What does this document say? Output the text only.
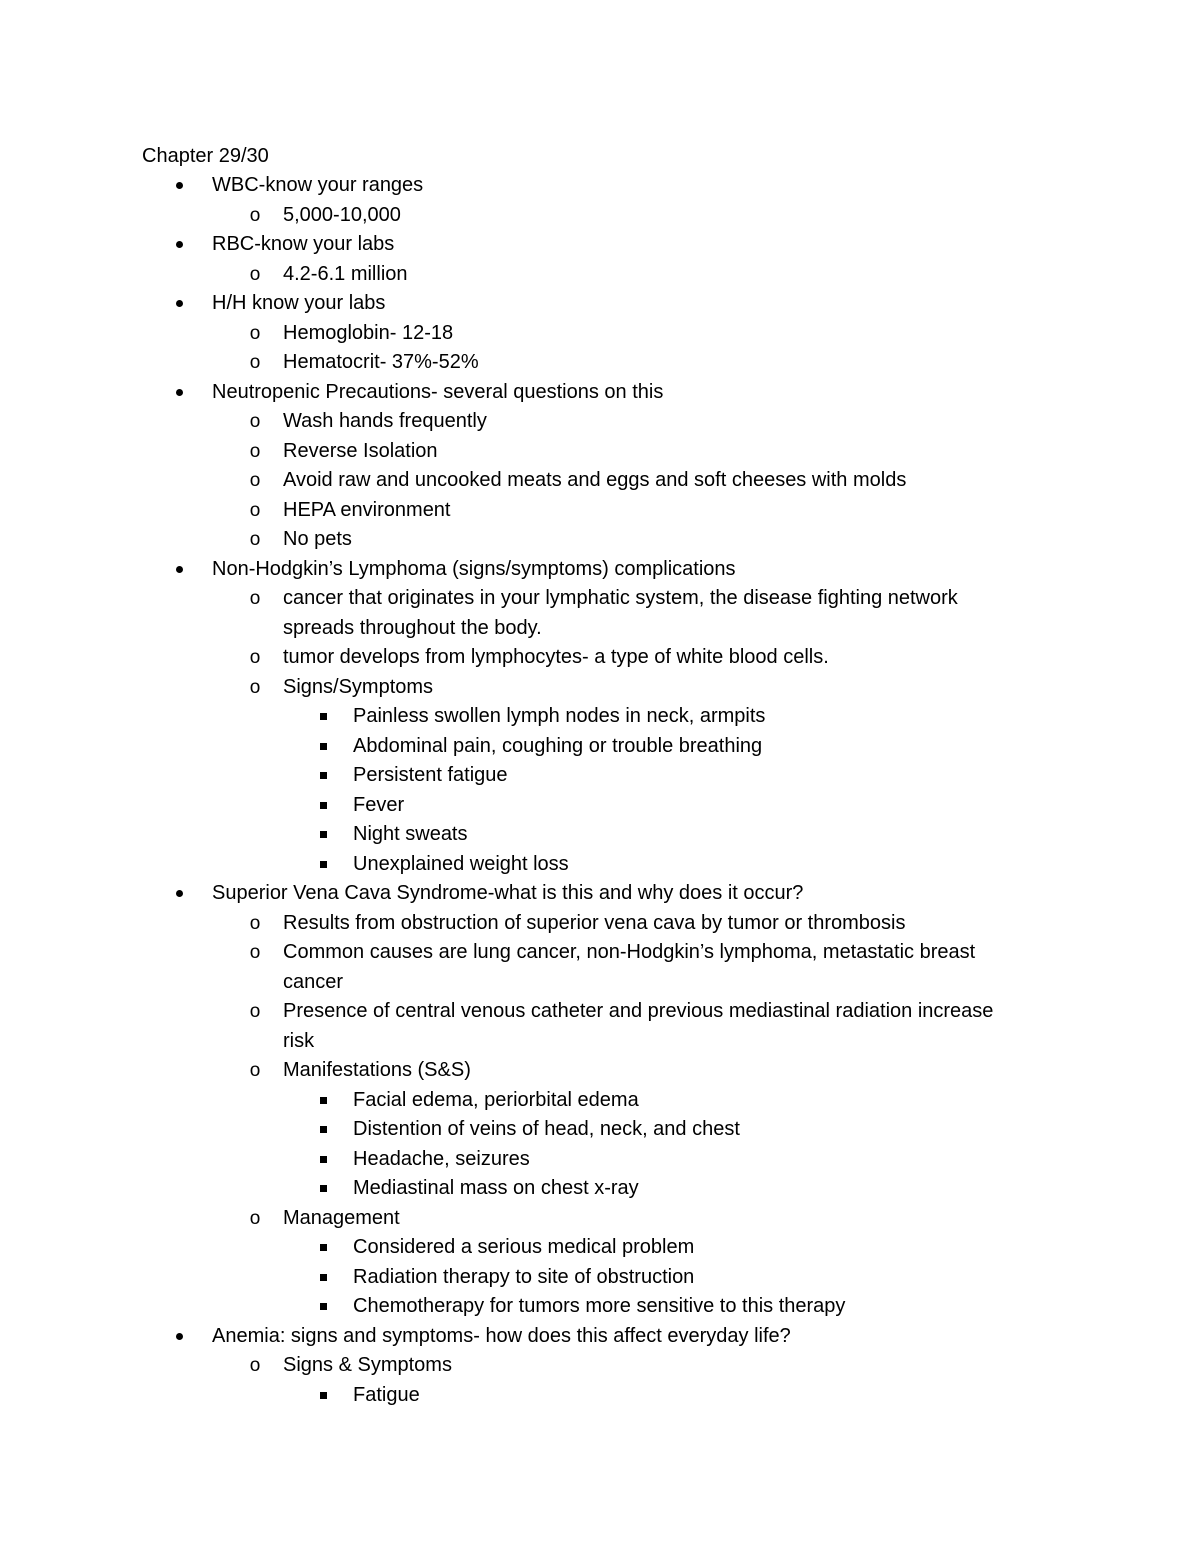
Chapter 29/30
WBC-know your ranges
o 5,000-10,000
RBC-know your labs
o 4.2-6.1 million
H/H know your labs
o Hemoglobin- 12-18
o Hematocrit- 37%-52%
Neutropenic Precautions- several questions on this
o Wash hands frequently
o Reverse Isolation
o Avoid raw and uncooked meats and eggs and soft cheeses with molds
o HEPA environment
o No pets
Non-Hodgkin’s Lymphoma (signs/symptoms) complications
o cancer that originates in your lymphatic system, the disease fighting network
spreads throughout the body.
o tumor develops from lymphocytes- a type of white blood cells.
o Signs/Symptoms
Painless swollen lymph nodes in neck, armpits
Abdominal pain, coughing or trouble breathing
Persistent fatigue
Fever
Night sweats
Unexplained weight loss
Superior Vena Cava Syndrome-what is this and why does it occur?
o Results from obstruction of superior vena cava by tumor or thrombosis
o Common causes are lung cancer, non-Hodgkin’s lymphoma, metastatic breast
cancer
o Presence of central venous catheter and previous mediastinal radiation increase
risk
o Manifestations (S&S)
Facial edema, periorbital edema
Distention of veins of head, neck, and chest
Headache, seizures
Mediastinal mass on chest x-ray
o Management
Considered a serious medical problem
Radiation therapy to site of obstruction
Chemotherapy for tumors more sensitive to this therapy
Anemia: signs and symptoms- how does this affect everyday life?
o Signs & Symptoms
Fatigue
